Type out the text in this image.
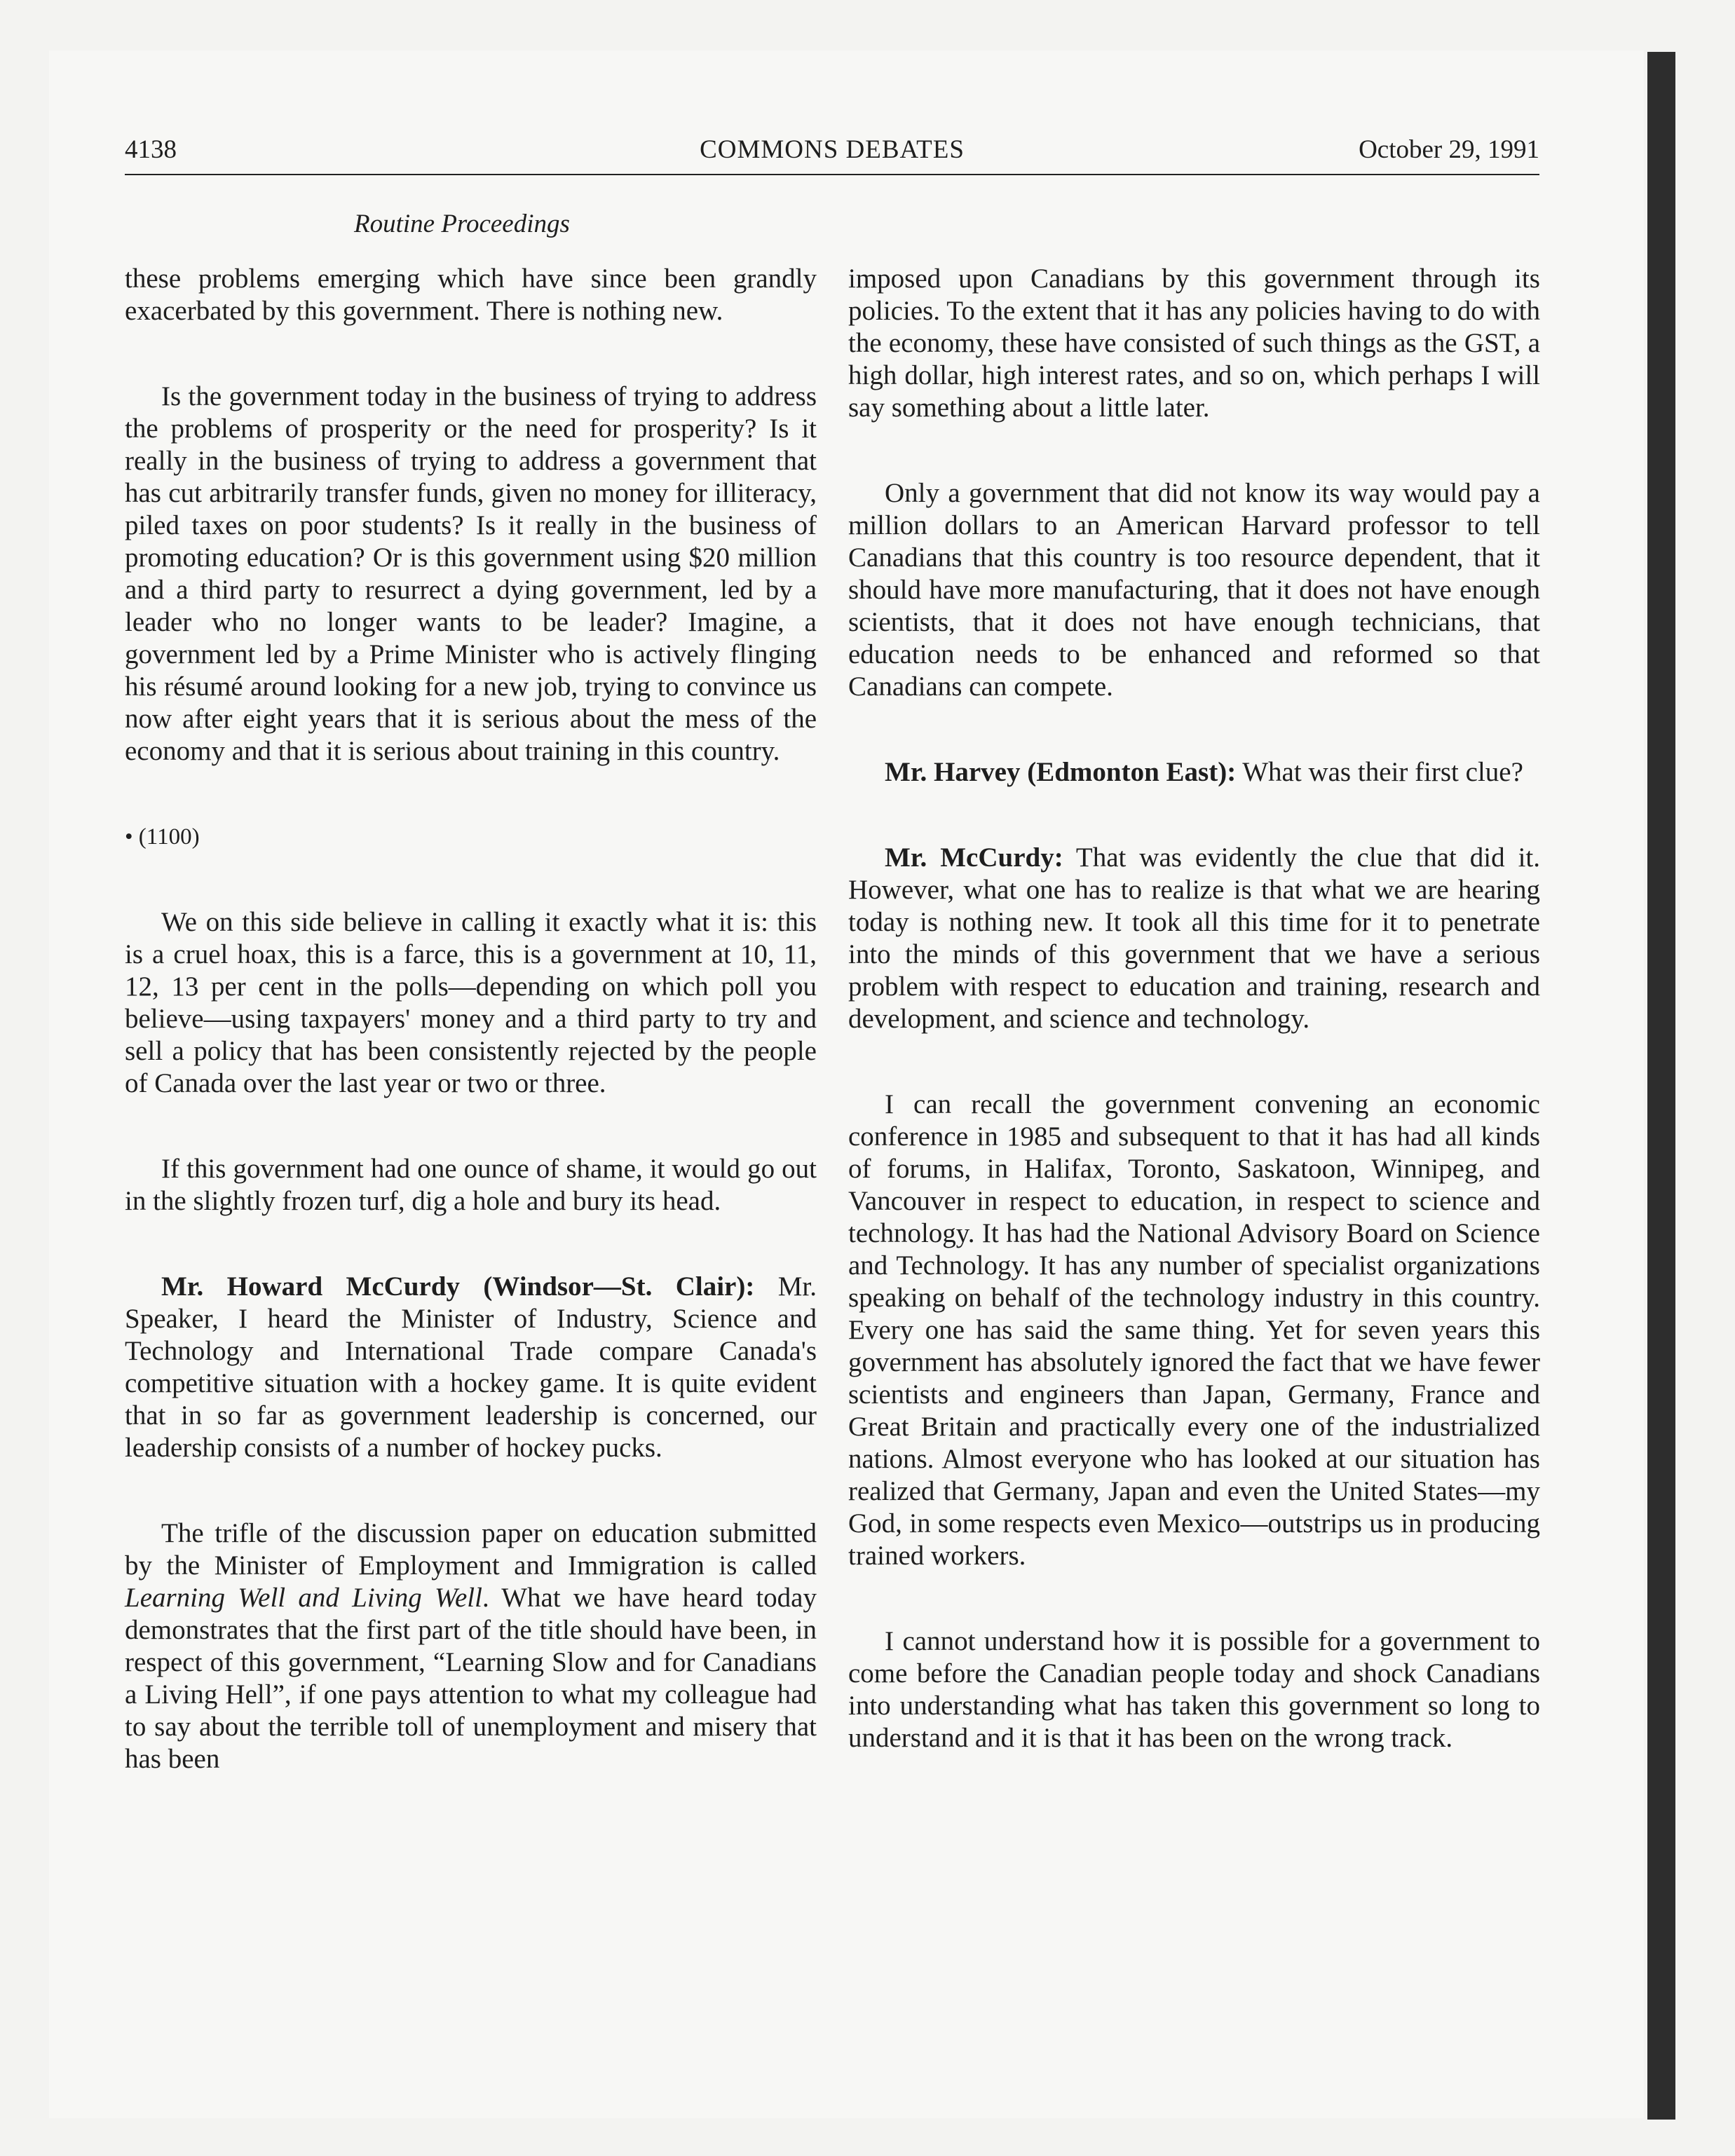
4138	COMMONS DEBATES	October 29, 1991
Routine Proceedings

these problems emerging which have since been grandly exacerbated by this government. There is nothing new.

Is the government today in the business of trying to address the problems of prosperity or the need for prosperity? Is it really in the business of trying to address a government that has cut arbitrarily transfer funds, given no money for illiteracy, piled taxes on poor students? Is it really in the business of promoting education? Or is this government using $20 million and a third party to resurrect a dying government, led by a leader who no longer wants to be leader? Imagine, a government led by a Prime Minister who is actively flinging his résumé around looking for a new job, trying to convince us now after eight years that it is serious about the mess of the economy and that it is serious about training in this country.

• (1100)

We on this side believe in calling it exactly what it is: this is a cruel hoax, this is a farce, this is a government at 10, 11, 12, 13 per cent in the polls—depending on which poll you believe—using taxpayers' money and a third party to try and sell a policy that has been consistently rejected by the people of Canada over the last year or two or three.

If this government had one ounce of shame, it would go out in the slightly frozen turf, dig a hole and bury its head.

Mr. Howard McCurdy (Windsor—St. Clair): Mr. Speaker, I heard the Minister of Industry, Science and Technology and International Trade compare Canada's competitive situation with a hockey game. It is quite evident that in so far as government leadership is concerned, our leadership consists of a number of hockey pucks.

The trifle of the discussion paper on education submitted by the Minister of Employment and Immigration is called Learning Well and Living Well. What we have heard today demonstrates that the first part of the title should have been, in respect of this government, “Learning Slow and for Canadians a Living Hell”, if one pays attention to what my colleague had to say about the terrible toll of unemployment and misery that has been

imposed upon Canadians by this government through its policies. To the extent that it has any policies having to do with the economy, these have consisted of such things as the GST, a high dollar, high interest rates, and so on, which perhaps I will say something about a little later.

Only a government that did not know its way would pay a million dollars to an American Harvard professor to tell Canadians that this country is too resource dependent, that it should have more manufacturing, that it does not have enough scientists, that it does not have enough technicians, that education needs to be enhanced and reformed so that Canadians can compete.

Mr. Harvey (Edmonton East): What was their first clue?

Mr. McCurdy: That was evidently the clue that did it. However, what one has to realize is that what we are hearing today is nothing new. It took all this time for it to penetrate into the minds of this government that we have a serious problem with respect to education and training, research and development, and science and technology.

I can recall the government convening an economic conference in 1985 and subsequent to that it has had all kinds of forums, in Halifax, Toronto, Saskatoon, Winnipeg, and Vancouver in respect to education, in respect to science and technology. It has had the National Advisory Board on Science and Technology. It has any number of specialist organizations speaking on behalf of the technology industry in this country. Every one has said the same thing. Yet for seven years this government has absolutely ignored the fact that we have fewer scientists and engineers than Japan, Germany, France and Great Britain and practically every one of the industrialized nations. Almost everyone who has looked at our situation has realized that Germany, Japan and even the United States—my God, in some respects even Mexico—outstrips us in producing trained workers.

I cannot understand how it is possible for a government to come before the Canadian people today and shock Canadians into understanding what has taken this government so long to understand and it is that it has been on the wrong track.
